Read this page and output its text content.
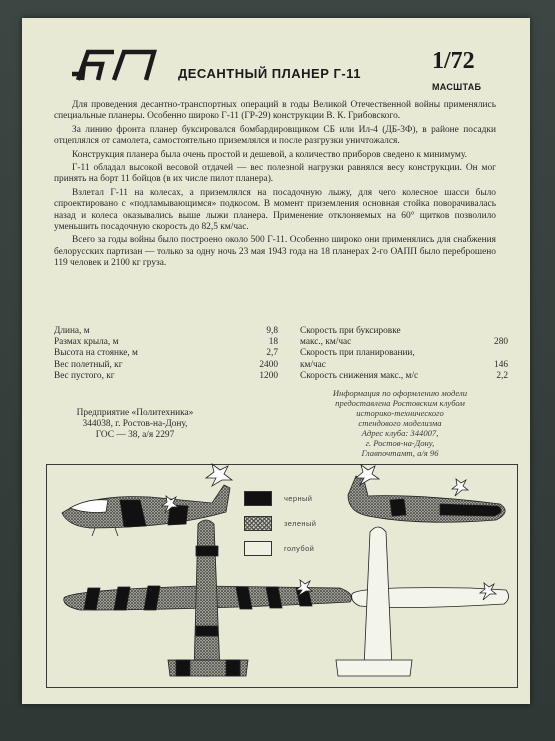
ДЕСАНТНЫЙ ПЛАНЕР Г-11	1/72
МАСШТАБ

Для проведения десантно-транспортных операций в годы Великой Отечественной войны применялись специальные планеры. Особенно широко Г-11 (ГР-29) конструкции В. К. Грибовского.

За линию фронта планер буксировался бомбардировщиком СБ или Ил-4 (ДБ-3Ф), в районе посадки отцеплялся от самолета, самостоятельно приземлялся и после разгрузки уничтожался.

Конструкция планера была очень простой и дешевой, а количество приборов сведено к минимуму.

Г-11 обладал высокой весовой отдачей — вес полезной нагрузки равнялся весу конструкции. Он мог принять на борт 11 бойцов (в их числе пилот планера).

Взлетал Г-11 на колесах, а приземлялся на посадочную лыжу, для чего колесное шасси было спроектировано с «подламывающимся» подкосом. В момент приземления основная стойка поворачивалась назад и колеса оказывались выше лыжи планера. Применение отклоняемых на 60° щитков позволило уменьшить посадочную скорость до 82,5 км/час.

Всего за годы войны было построено около 500 Г-11. Особенно широко они применялись для снабжения белорусских партизан — только за одну ночь 23 мая 1943 года на 18 планерах 2-го ОАПП было переброшено 119 человек и 2100 кг груза.

Длина, м	9,8
Размах крыла, м	18
Высота на стоянке, м	2,7
Вес полетный, кг	2400
Вес пустого, кг	1200
Скорость при буксировке
макс., км/час	280
Скорость при планировании,
км/час	146
Скорость снижения макс., м/с	2,2
Информация по оформлению модели
предоставлена Ростовским клубом
историко-технического
стендового моделизма
Адрес клуба: 344007,
г. Ростов-на-Дону,
Главпочтамт, а/я 96
Предприятие «Политехника»
344038, г. Ростов-на-Дону,
ГОС — 38, а/я 2297
черный
зеленый
голубой
